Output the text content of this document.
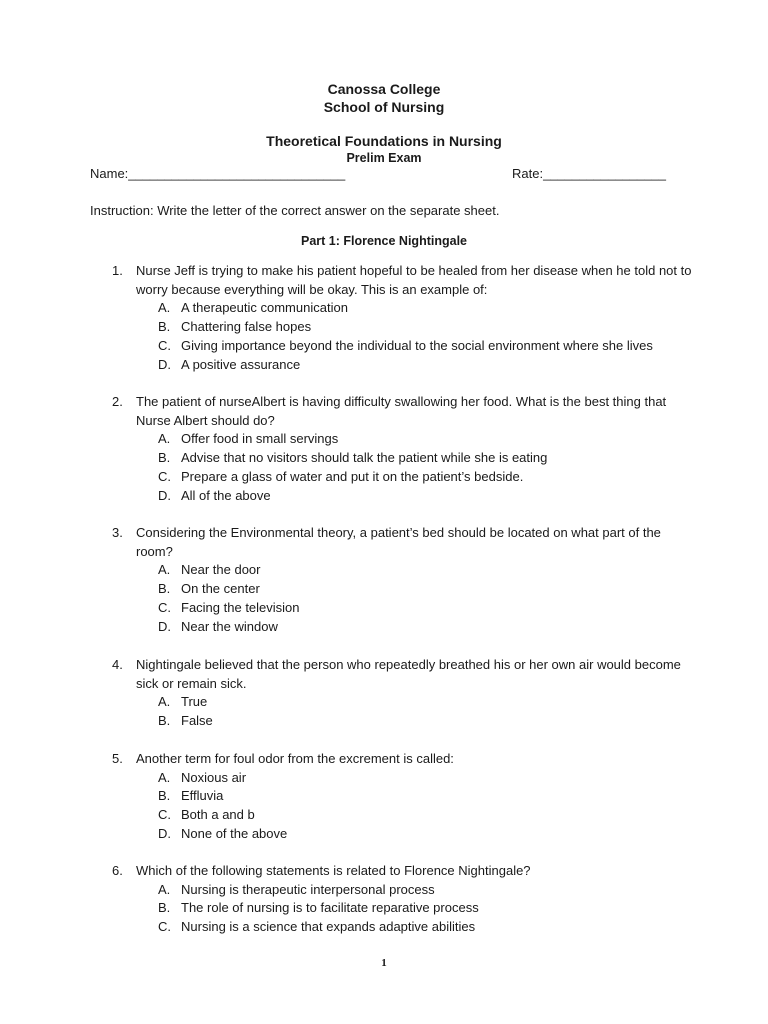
Canossa College
School of Nursing
Theoretical Foundations in Nursing
Prelim Exam
Name:______________________________	Rate:_________________
Instruction: Write the letter of the correct answer on the separate sheet.
Part 1: Florence Nightingale
1. Nurse Jeff is trying to make his patient hopeful to be healed from her disease when he told not to worry because everything will be okay. This is an example of:
A. A therapeutic communication
B. Chattering false hopes
C. Giving importance beyond the individual to the social environment where she lives
D. A positive assurance
2. The patient of nurseAlbert is having difficulty swallowing her food. What is the best thing that Nurse Albert should do?
A. Offer food in small servings
B. Advise that no visitors should talk the patient while she is eating
C. Prepare a glass of water and put it on the patient’s bedside.
D. All of the above
3. Considering the Environmental theory, a patient’s bed should be located on what part of the room?
A. Near the door
B. On the center
C. Facing the television
D. Near the window
4. Nightingale believed that the person who repeatedly breathed his or her own air would become sick or remain sick.
A. True
B. False
5. Another term for foul odor from the excrement is called:
A. Noxious air
B. Effluvia
C. Both a and b
D. None of the above
6. Which of the following statements is related to Florence Nightingale?
A. Nursing is therapeutic interpersonal process
B. The role of nursing is to facilitate reparative process
C. Nursing is a science that expands adaptive abilities
1
